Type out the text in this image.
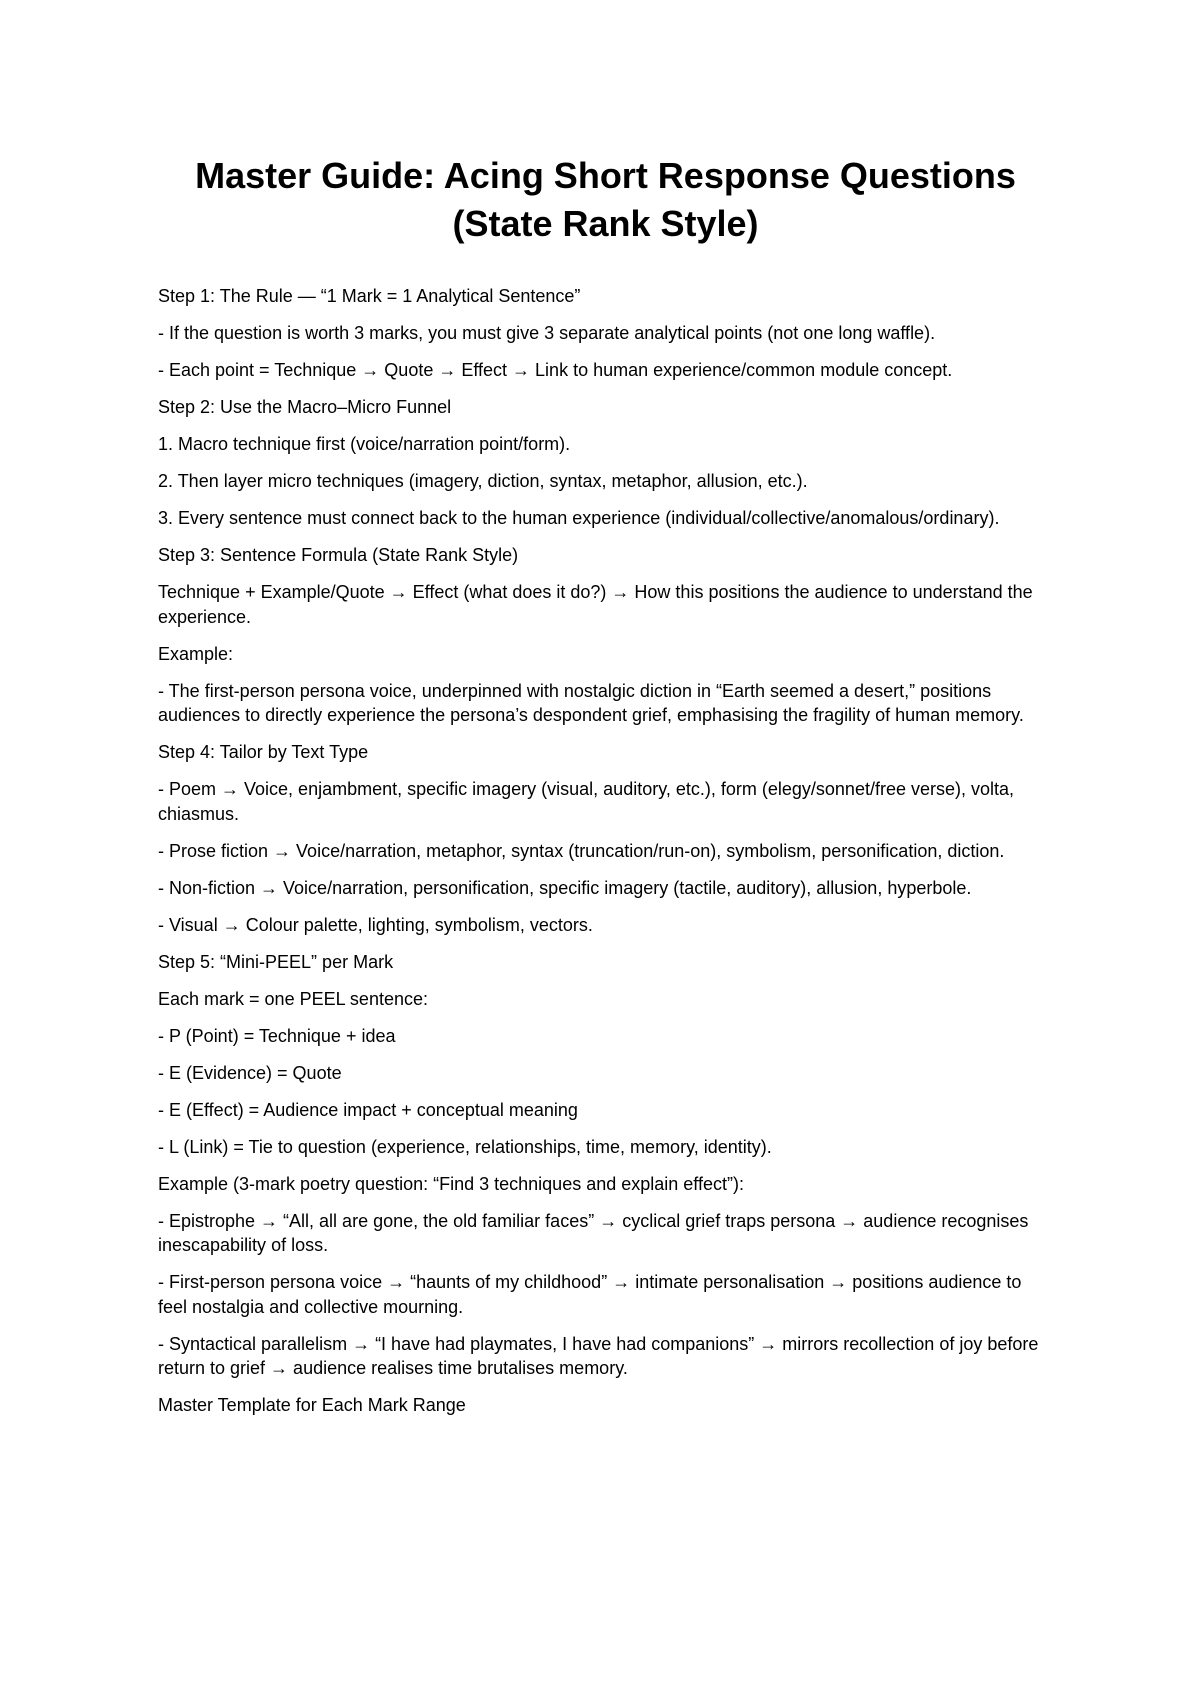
Master Guide: Acing Short Response Questions
(State Rank Style)

Step 1: The Rule — “1 Mark = 1 Analytical Sentence”

- If the question is worth 3 marks, you must give 3 separate analytical points (not one long waffle).

- Each point = Technique → Quote → Effect → Link to human experience/common module concept.

Step 2: Use the Macro–Micro Funnel

1. Macro technique first (voice/narration point/form).

2. Then layer micro techniques (imagery, diction, syntax, metaphor, allusion, etc.).

3. Every sentence must connect back to the human experience (individual/collective/anomalous/ordinary).

Step 3: Sentence Formula (State Rank Style)

Technique + Example/Quote → Effect (what does it do?) → How this positions the audience to understand the experience.

Example:

- The first-person persona voice, underpinned with nostalgic diction in “Earth seemed a desert,” positions audiences to directly experience the persona’s despondent grief, emphasising the fragility of human memory.

Step 4: Tailor by Text Type

- Poem → Voice, enjambment, specific imagery (visual, auditory, etc.), form (elegy/sonnet/free verse), volta, chiasmus.

- Prose fiction → Voice/narration, metaphor, syntax (truncation/run-on), symbolism, personification, diction.

- Non-fiction → Voice/narration, personification, specific imagery (tactile, auditory), allusion, hyperbole.

- Visual → Colour palette, lighting, symbolism, vectors.

Step 5: “Mini-PEEL” per Mark

Each mark = one PEEL sentence:

- P (Point) = Technique + idea

- E (Evidence) = Quote

- E (Effect) = Audience impact + conceptual meaning

- L (Link) = Tie to question (experience, relationships, time, memory, identity).

Example (3-mark poetry question: “Find 3 techniques and explain effect”):

- Epistrophe → “All, all are gone, the old familiar faces” → cyclical grief traps persona → audience recognises inescapability of loss.

- First-person persona voice → “haunts of my childhood” → intimate personalisation → positions audience to feel nostalgia and collective mourning.

- Syntactical parallelism → “I have had playmates, I have had companions” → mirrors recollection of joy before return to grief → audience realises time brutalises memory.

Master Template for Each Mark Range
